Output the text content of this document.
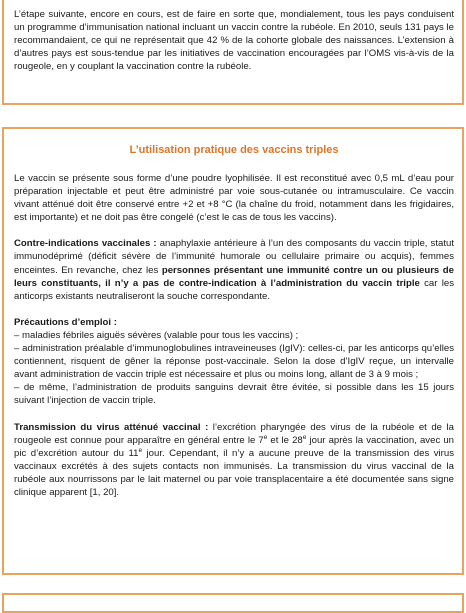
L’étape suivante, encore en cours, est de faire en sorte que, mondialement, tous les pays conduisent un programme d’immunisation national incluant un vaccin contre la rubéole. En 2010, seuls 131 pays le recommandaient, ce qui ne représentait que 42 % de la cohorte globale des naissances. L’extension à d’autres pays est sous-tendue par les initiatives de vaccination encouragées par l’OMS vis-à-vis de la rougeole, en y couplant la vaccination contre la rubéole.

L’utilisation pratique des vaccins triples

Le vaccin se présente sous forme d’une poudre lyophilisée. Il est reconstitué avec 0,5 mL d’eau pour préparation injectable et peut être administré par voie sous-cutanée ou intramusculaire. Ce vaccin vivant atténué doit être conservé entre +2 et +8 °C (la chaîne du froid, notamment dans les frigidaires, est importante) et ne doit pas être congelé (c’est le cas de tous les vaccins).

Contre-indications vaccinales : anaphylaxie antérieure à l’un des composants du vaccin triple, statut immunodéprimé (déficit sévère de l’immunité humorale ou cellulaire primaire ou acquis), femmes enceintes. En revanche, chez les personnes présentant une immunité contre un ou plusieurs de leurs constituants, il n’y a pas de contre-indication à l’administration du vaccin triple car les anticorps existants neutraliseront la souche correspondante.

Précautions d’emploi :
– maladies fébriles aiguës sévères (valable pour tous les vaccins) ;
– administration préalable d’immunoglobulines intraveineuses (IgIV): celles-ci, par les anticorps qu’elles contiennent, risquent de gêner la réponse post-vaccinale. Selon la dose d’IgIV reçue, un intervalle avant administration de vaccin triple est nécessaire et plus ou moins long, allant de 3 à 9 mois ;
– de même, l’administration de produits sanguins devrait être évitée, si possible dans les 15 jours suivant l’injection de vaccin triple.

Transmission du virus atténué vaccinal : l’excrétion pharyngée des virus de la rubéole et de la rougeole est connue pour apparaître en général entre le 7e et le 28e jour après la vaccination, avec un pic d’excrétion autour du 11e jour. Cependant, il n’y a aucune preuve de la transmission des virus vaccinaux excrétés à des sujets contacts non immunisés. La transmission du virus vaccinal de la rubéole aux nourrissons par le lait maternel ou par voie transplacentaire a été documentée sans signe clinique apparent [1, 20].
